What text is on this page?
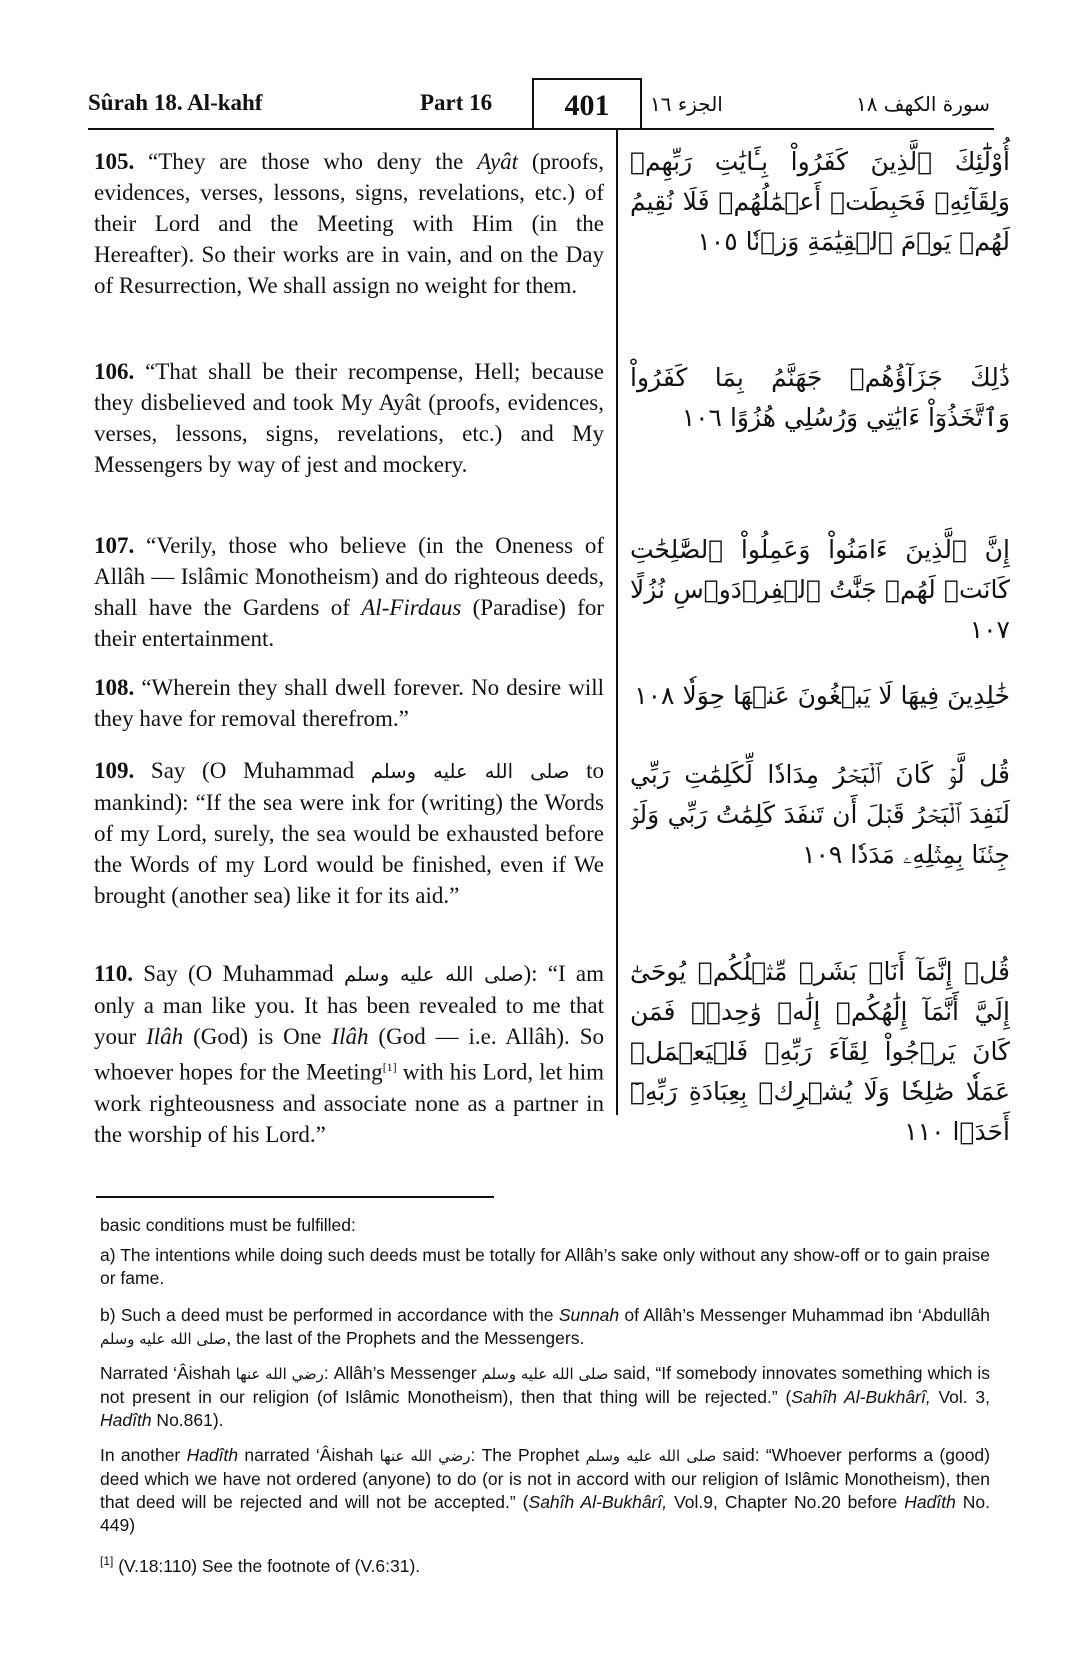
Sûrah 18. Al-kahf	Part 16	401	الجزء ١٦	سورة الكهف ١٨
105. “They are those who deny the Ayât (proofs, evidences, verses, lessons, signs, revelations, etc.) of their Lord and the Meeting with Him (in the Hereafter). So their works are in vain, and on the Day of Resurrection, We shall assign no weight for them.
أُوْلَٰٓئِكَ ٱلَّذِينَ كَفَرُواْ بِـَٔايَٰتِ رَبِّهِمۡ وَلِقَآئِهِۦ فَحَبِطَتۡ أَعۡمَٰلُهُمۡ فَلَا نُقِيمُ لَهُمۡ يَوۡمَ ٱلۡقِيَٰمَةِ وَزۡنٗا ١٠٥
106. “That shall be their recompense, Hell; because they disbelieved and took My Ayât (proofs, evidences, verses, lessons, signs, revelations, etc.) and My Messengers by way of jest and mockery.
ذَٰلِكَ جَزَآؤُهُمۡ جَهَنَّمُ بِمَا كَفَرُواْ وَٱتَّخَذُوٓاْ ءَايَٰتِي وَرُسُلِي هُزُوًا ١٠٦
107. “Verily, those who believe (in the Oneness of Allâh — Islâmic Monotheism) and do righteous deeds, shall have the Gardens of Al-Firdaus (Paradise) for their entertainment.
إِنَّ ٱلَّذِينَ ءَامَنُواْ وَعَمِلُواْ ٱلصَّٰلِحَٰتِ كَانَتۡ لَهُمۡ جَنَّٰتُ ٱلۡفِرۡدَوۡسِ نُزُلًا ١٠٧
108. “Wherein they shall dwell forever. No desire will they have for removal therefrom.”
خَٰلِدِينَ فِيهَا لَا يَبۡغُونَ عَنۡهَا حِوَلٗا ١٠٨
109. Say (O Muhammad صلى الله عليه وسلم to mankind): “If the sea were ink for (writing) the Words of my Lord, surely, the sea would be exhausted before the Words of my Lord would be finished, even if We brought (another sea) like it for its aid.”
قُل لَّوۡ كَانَ ٱلۡبَحۡرُ مِدَادٗا لِّكَلِمَٰتِ رَبِّي لَنَفِدَ ٱلۡبَحۡرُ قَبۡلَ أَن تَنفَدَ كَلِمَٰتُ رَبِّي وَلَوۡ جِئۡنَا بِمِثۡلِهِۦ مَدَدٗا ١٠٩
110. Say (O Muhammad صلى الله عليه وسلم): “I am only a man like you. It has been revealed to me that your Ilâh (God) is One Ilâh (God — i.e. Allâh). So whoever hopes for the Meeting[1] with his Lord, let him work righteousness and associate none as a partner in the worship of his Lord.”
قُلۡ إِنَّمَآ أَنَا۠ بَشَرٞ مِّثۡلُكُمۡ يُوحَىٰٓ إِلَيَّ أَنَّمَآ إِلَٰهُكُمۡ إِلَٰهٞ وَٰحِدٞۖ فَمَن كَانَ يَرۡجُواْ لِقَآءَ رَبِّهِۦ فَلۡيَعۡمَلۡ عَمَلٗا صَٰلِحٗا وَلَا يُشۡرِكۡ بِعِبَادَةِ رَبِّهِۦٓ أَحَدَۢا ١١٠
basic conditions must be fulfilled:
a) The intentions while doing such deeds must be totally for Allâh’s sake only without any show-off or to gain praise or fame.
b) Such a deed must be performed in accordance with the Sunnah of Allâh’s Messenger Muhammad ibn ‘Abdullâh صلى الله عليه وسلم, the last of the Prophets and the Messengers.
Narrated ‘Âishah رضي الله عنها: Allâh’s Messenger صلى الله عليه وسلم said, “If somebody innovates something which is not present in our religion (of Islâmic Monotheism), then that thing will be rejected.” (Sahîh Al-Bukhârî, Vol. 3, Hadîth No.861).
In another Hadîth narrated ‘Âishah رضي الله عنها: The Prophet صلى الله عليه وسلم said: “Whoever performs a (good) deed which we have not ordered (anyone) to do (or is not in accord with our religion of Islâmic Monotheism), then that deed will be rejected and will not be accepted.” (Sahîh Al-Bukhârî, Vol.9, Chapter No.20 before Hadîth No. 449)
[1] (V.18:110) See the footnote of (V.6:31).
